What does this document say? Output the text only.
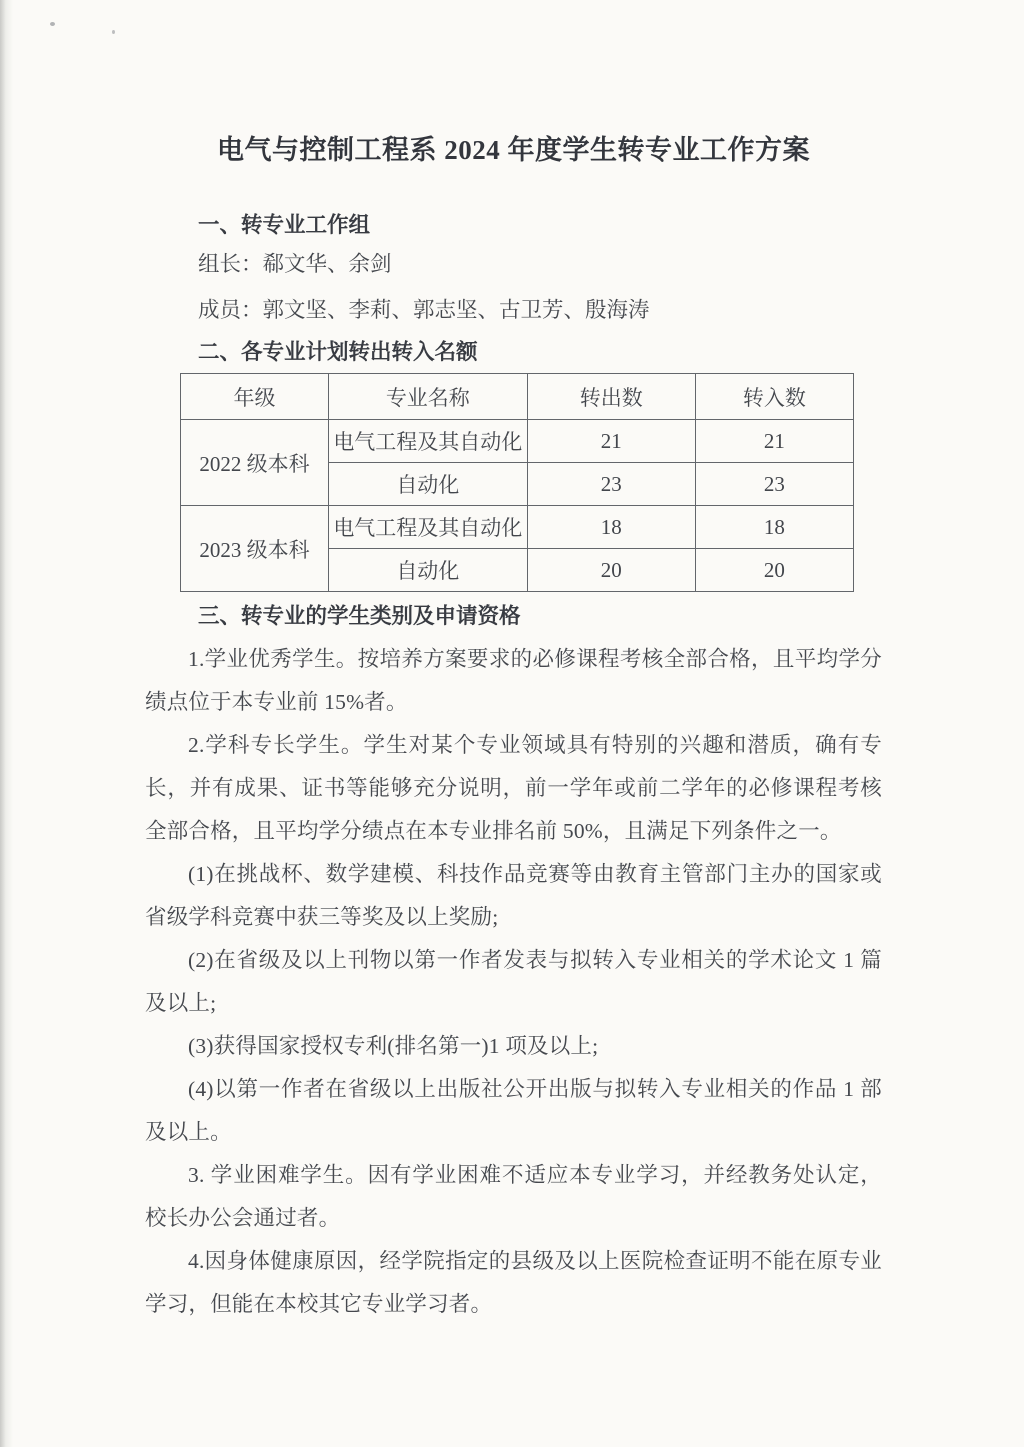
电气与控制工程系 2024 年度学生转专业工作方案
一、转专业工作组

组长：郗文华、余剑

成员：郭文坚、李莉、郭志坚、古卫芳、殷海涛

二、各专业计划转出转入名额
年级	专业名称	转出数	转入数
2022 级本科	电气工程及其自动化	21	21
	自动化	23	23
2023 级本科	电气工程及其自动化	18	18
	自动化	20	20
三、转专业的学生类别及申请资格

1.学业优秀学生。按培养方案要求的必修课程考核全部合格，且平均学分绩点位于本专业前 15%者。

2.学科专长学生。学生对某个专业领域具有特别的兴趣和潜质，确有专长，并有成果、证书等能够充分说明，前一学年或前二学年的必修课程考核全部合格，且平均学分绩点在本专业排名前 50%，且满足下列条件之一。

(1)在挑战杯、数学建模、科技作品竞赛等由教育主管部门主办的国家或省级学科竞赛中获三等奖及以上奖励;

(2)在省级及以上刊物以第一作者发表与拟转入专业相关的学术论文 1 篇及以上;

(3)获得国家授权专利(排名第一)1 项及以上;

(4)以第一作者在省级以上出版社公开出版与拟转入专业相关的作品 1 部及以上。

3. 学业困难学生。因有学业困难不适应本专业学习，并经教务处认定，校长办公会通过者。

4.因身体健康原因，经学院指定的县级及以上医院检查证明不能在原专业学习，但能在本校其它专业学习者。
